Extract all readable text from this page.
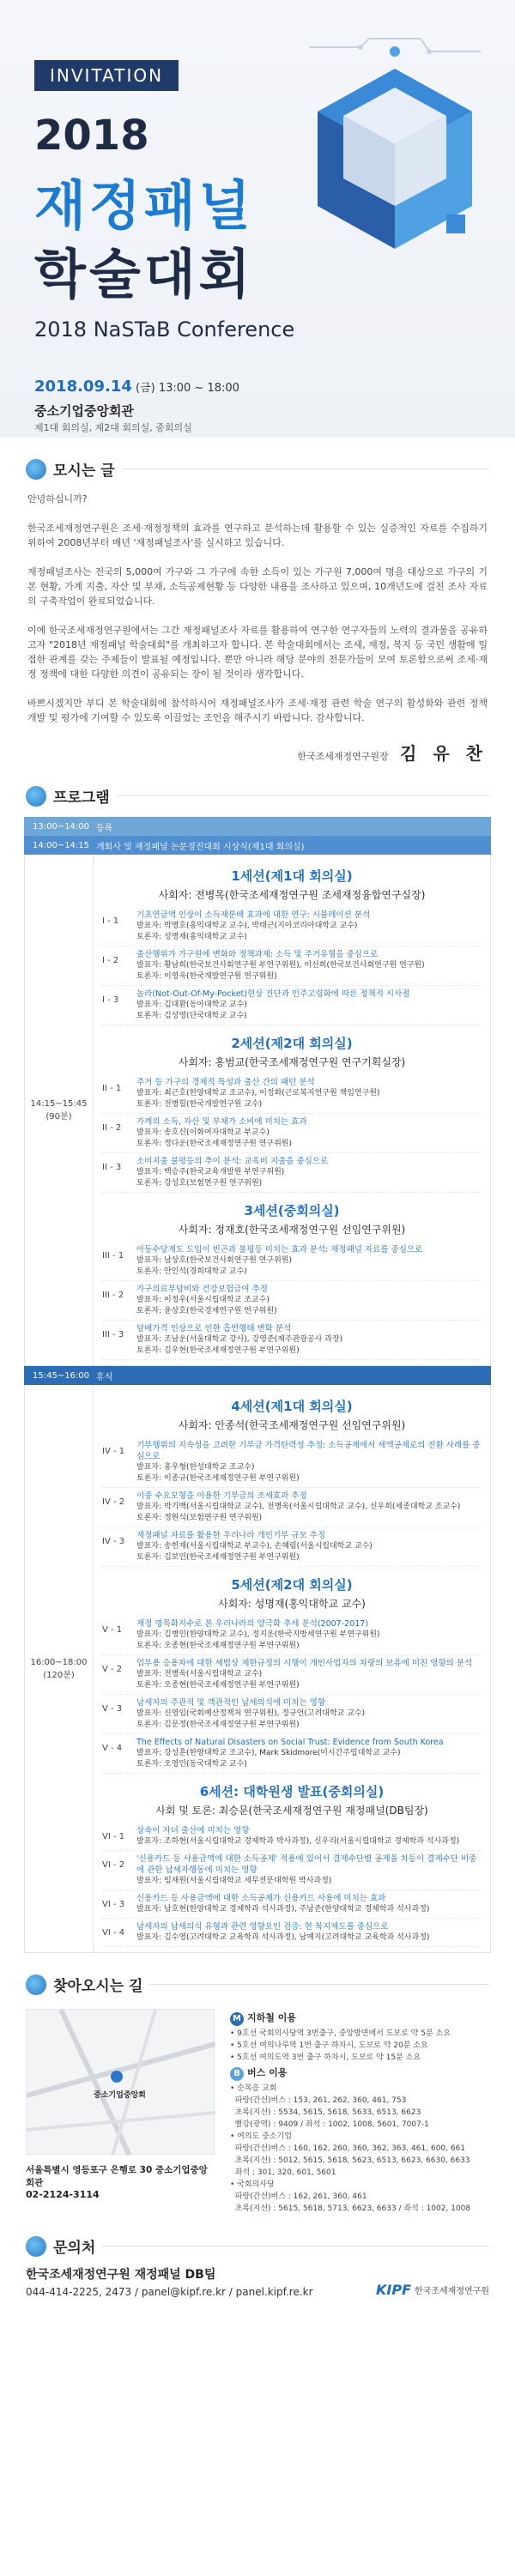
INVITATION
2018
재정패널
학술대회
2018 NaSTaB Conference
2018.09.14 (금) 13:00 ~ 18:00
중소기업중앙회관
제1대 회의실, 제2대 회의실, 중회의실
모시는 글

안녕하십니까?

한국조세재정연구원은 조세·재정정책의 효과를 연구하고 분석하는데 활용할 수 있는 실증적인 자료를 수집하기 위하여 2008년부터 매년 '재정패널조사'를 실시하고 있습니다.

재정패널조사는 전국의 5,000여 가구와 그 가구에 속한 소득이 있는 가구원 7,000여 명을 대상으로 가구의 기본 현황, 가계 지출, 자산 및 부채, 소득공제현황 등 다양한 내용을 조사하고 있으며, 10개년도에 걸친 조사 자료의 구축작업이 완료되었습니다.

이에 한국조세재정연구원에서는 그간 재정패널조사 자료를 활용하여 연구한 연구자들의 노력의 결과물을 공유하고자 "2018년 재정패널 학술대회"를 개최하고자 합니다. 본 학술대회에서는 조세, 재정, 복지 등 국민 생활에 밀접한 관계를 갖는 주제들이 발표될 예정입니다. 뿐만 아니라 해당 분야의 전문가들이 모여 토론함으로써 조세·재정 정책에 대한 다양한 의견이 공유되는 장이 될 것이라 생각합니다.

바쁘시겠지만 부디 본 학술대회에 참석하시어 재정패널조사가 조세·재정 관련 학술 연구의 활성화와 관련 정책 개발 및 평가에 기여할 수 있도록 이끌었는 조언을 해주시기 바랍니다. 감사합니다.

한국조세재정연구원장 김 유 찬
프로그램
13:00~14:00 등록
14:00~14:15 개회사 및 재정패널 논문경진대회 시상식(제1대 회의실)
14:15~15:45
(90분)
1세션(제1대 회의실)
사회자: 전병목(한국조세재정연구원 조세재정융합연구실장)
I - 1
기초연금액 인상이 소득재분배 효과에 대한 연구: 시뮬레이션 분석
발표자: 박명호(홍익대학교 교수), 박태근(지아코리아대학교 교수)
토론자: 성명재(홍익대학교 교수)
I - 2
출산행위가 가구원에 변화와 정책과제: 소득 및 주거유형을 중심으로
발표자: 황남희(한국보건사회연구원 부연구위원), 이선희(한국보건사회연구원 연구원)
토론자: 이영욱(한국개발연구원 연구위원)
I - 3
놀라(Not-Out-Of-My-Pocket)현상 진단과 민주고령화에 따른 정책적 시사점
발표자: 김대환(동아대학교 교수)
토론자: 김성영(단국대학교 교수)
2세션(제2대 회의실)
사회자: 홍범교(한국조세재정연구원 연구기획실장)
II - 1
주거 등 가구의 경제적 특성과 출산 간의 패턴 분석
발표자: 최근호(한양대학교 조교수), 이정화(근로복지연구원 책임연구원)
토론자: 전병힐(한국개발연구원 교수)
II - 2
가계의 소득, 자산 및 부채가 소비에 미치는 효과
발표자: 송호신(이화여자대학교 부교수)
토론자: 정다운(한국조세재정연구원 연구위원)
II - 3
소비지출 불평등의 추이 분석: 교육비 지출을 중심으로
발표자: 백승주(한국교육개발원 부연구위원)
토론자: 강성호(보험연구원 연구위원)
3세션(중회의실)
사회자: 정재호(한국조세재정연구원 선임연구위원)
III - 1
아동수당제도 도입이 빈곤과 불평등 미치는 효과 분석: 재정패널 자료를 중심으로
발표자: 남상호(한국보건사회연구원 연구위원)
토론자: 안인석(경희대학교 교수)
III - 2
가구의료부담비와 건강보험급여 추정
발표자: 이정우(서울시립대학교 조교수)
토론자: 윤상호(한국경제연구원 연구위원)
III - 3
담배가격 인상으로 인한 흡연행태 변화 분석
발표자: 조남운(서울대학교 강사), 강영준(제주관광공사 과장)
토론자: 김우현(한국조세재정연구원 부연구위원)
15:45~16:00 휴식
16:00~18:00
(120분)
4세션(제1대 회의실)
사회자: 안종석(한국조세재정연구원 선임연구위원)
IV - 1
기부행위의 지속성을 고려한 기부금 가격탄력성 추정: 소득공제에서 세액공제로의 전환 사례를 중심으로
발표자: 홍우형(한성대학교 조교수)
토론자: 이종규(한국조세재정연구원 부연구위원)
IV - 2
이중 수요모형을 이용한 기부금의 조세효과 추정
발표자: 박기백(서울시립대학교 교수), 전병욱(서울시립대학교 교수), 신우희(세종대학교 조교수)
토론자: 정원식(보험연구원 연구위원)
IV - 3
재정패널 자료를 활용한 우리나라 개인기부 규모 추정
발표자: 송헌재(서울시립대학교 부교수), 손혜림(서울시립대학교 교수)
토론자: 김보민(한국조세재정연구원 부연구위원)
5세션(제2대 회의실)
사회자: 성명재(홍익대학교 교수)
V - 1
재정 명목화지수로 본 우리나라의 양극화 추세 분석(2007-2017)
발표자: 김병인(한양대학교 교수), 정지운(한국지방세연구원 부연구위원)
토론자: 오종현(한국조세재정연구원 부연구위원)
V - 2
업무용 승용차에 대한 세법상 제한규정의 시행이 개인사업자의 차량의 보유에 미친 영향의 분석
발표자: 전병욱(서울시립대학교 교수)
토론자: 오종현(한국조세재정연구원 부연구위원)
V - 3
납세자의 주관적 및 객관적인 납세의식에 미치는 영향
발표자: 신영임(국회예산정책처 연구위원), 정규언(고려대학교 교수)
토론자: 김문정(한국조세재정연구원 부연구위원)
V - 4
The Effects of Natural Disasters on Social Trust: Evidence from South Korea
발표자: 강성훈(한양대학교 조교수), Mark Skidmore(미시간주립대학교 교수)
토론자: 오영민(동국대학교 교수)
6세션: 대학원생 발표(중회의실)
사회 및 토론: 최승문(한국조세재정연구원 재정패널(DB팀장)
VI - 1
상속이 자녀 출산에 미치는 영향
발표자: 조하현(서울시립대학교 경제학과 박사과정), 신우리(서울시립대학교 경제학과 석사과정)
VI - 2
'신용카드 등 사용금액에 대한 소득공제' 적용에 있어서 결제수단별 공제율 차등이 결제수단 비중에 관한 납세자행동에 미치는 영향
발표자: 임재원(서울시립대학교 세무전문대학원 박사과정)
VI - 3
신용카드 등 사용금액에 대한 소득공제가 신용카드 사용에 미치는 효과
발표자: 남호현(한양대학교 경제학과 석사과정), 주남준(한양대학교 경제학과 석사과정)
VI - 4
납세자의 납세의식 유형과 관련 영향요인 검증: 현 복지제도를 중심으로
발표자: 김수영(고려대학교 교육학과 석사과정), 남예지(고려대학교 교육학과 석사과정)
찾아오시는 길
중소기업중앙회
서울특별시 영등포구 은행로 30 중소기업중앙회관
02-2124-3114
M 지하철 이용
• 9호선 국회의사당역 3번출구, 중앙방면에서 도보로 약 5분 소요
• 5호선 여의나루역 1번 출구 하차시, 도보로 약 20분 소요
• 5호선 여의도역 3번 출구 하차시, 도보로 약 15분 소요
B 버스 이용
• 순복음 교회
파랑(간선)버스 : 153, 261, 262, 360, 461, 753
초록(지선) : 5534, 5615, 5618, 5633, 6513, 6623
빨강(광역) : 9409 / 좌석 : 1002, 1008, 5601, 7007-1
• 여의도 중소기업
파랑(간선)버스 : 160, 162, 260, 360, 362, 363, 461, 600, 661
초록(지선) : 5012, 5615, 5618, 5623, 6513, 6623, 6630, 6633
좌석 : 301, 320, 601, 5601
• 국회의사당
파랑(간선)버스 : 162, 261, 360, 461
초록(지선) : 5615, 5618, 5713, 6623, 6633 / 좌석 : 1002, 1008
문의처
한국조세재정연구원 재정패널 DB팀
044-414-2225, 2473 / panel@kipf.re.kr / panel.kipf.re.kr	KIPF 한국조세재정연구원
